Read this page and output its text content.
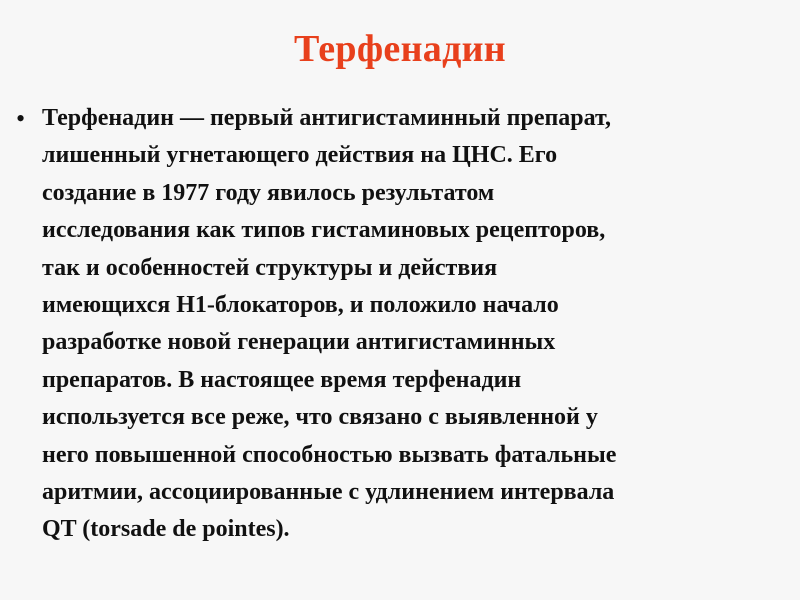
Терфенадин
• Терфенадин — первый антигистаминный препарат,
лишенный угнетающего действия на ЦНС. Его
создание в 1977 году явилось результатом
исследования как типов гистаминовых рецепторов,
так и особенностей структуры и действия
имеющихся Н1-блокаторов, и положило начало
разработке новой генерации антигистаминных
препаратов. В настоящее время терфенадин
используется все реже, что связано с выявленной у
него повышенной способностью вызвать фатальные
аритмии, ассоциированные с удлинением интервала
QT (torsade de pointes).
